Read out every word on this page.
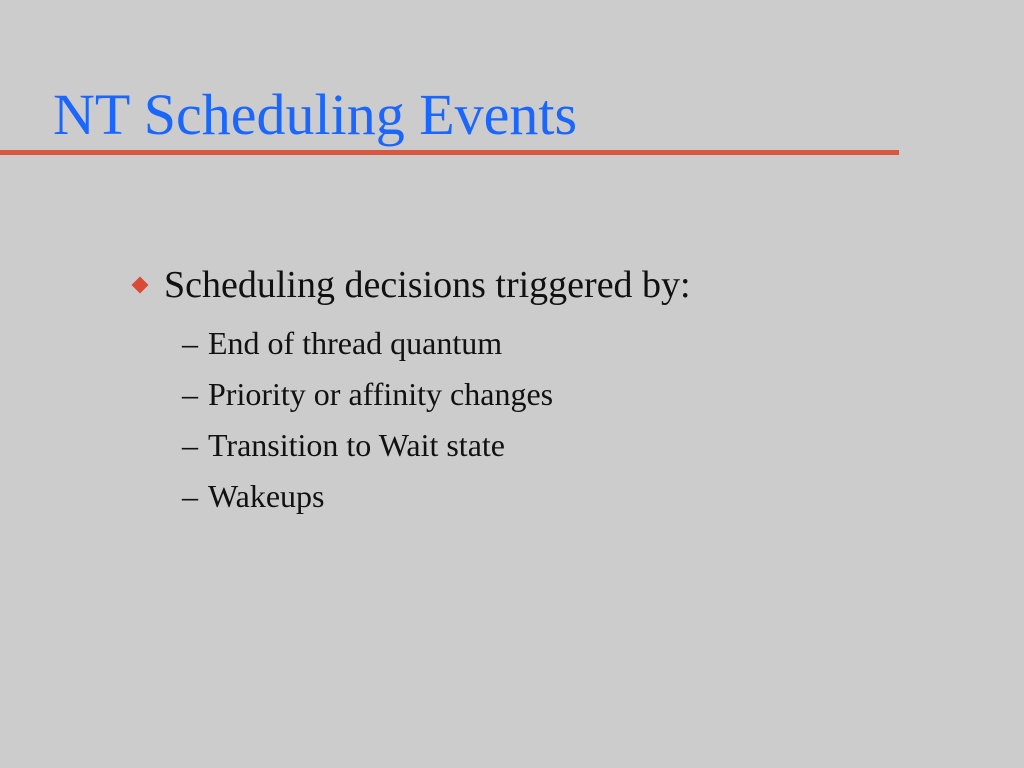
NT Scheduling Events
Scheduling decisions triggered by:
– End of thread quantum
– Priority or affinity changes
– Transition to Wait state
– Wakeups
